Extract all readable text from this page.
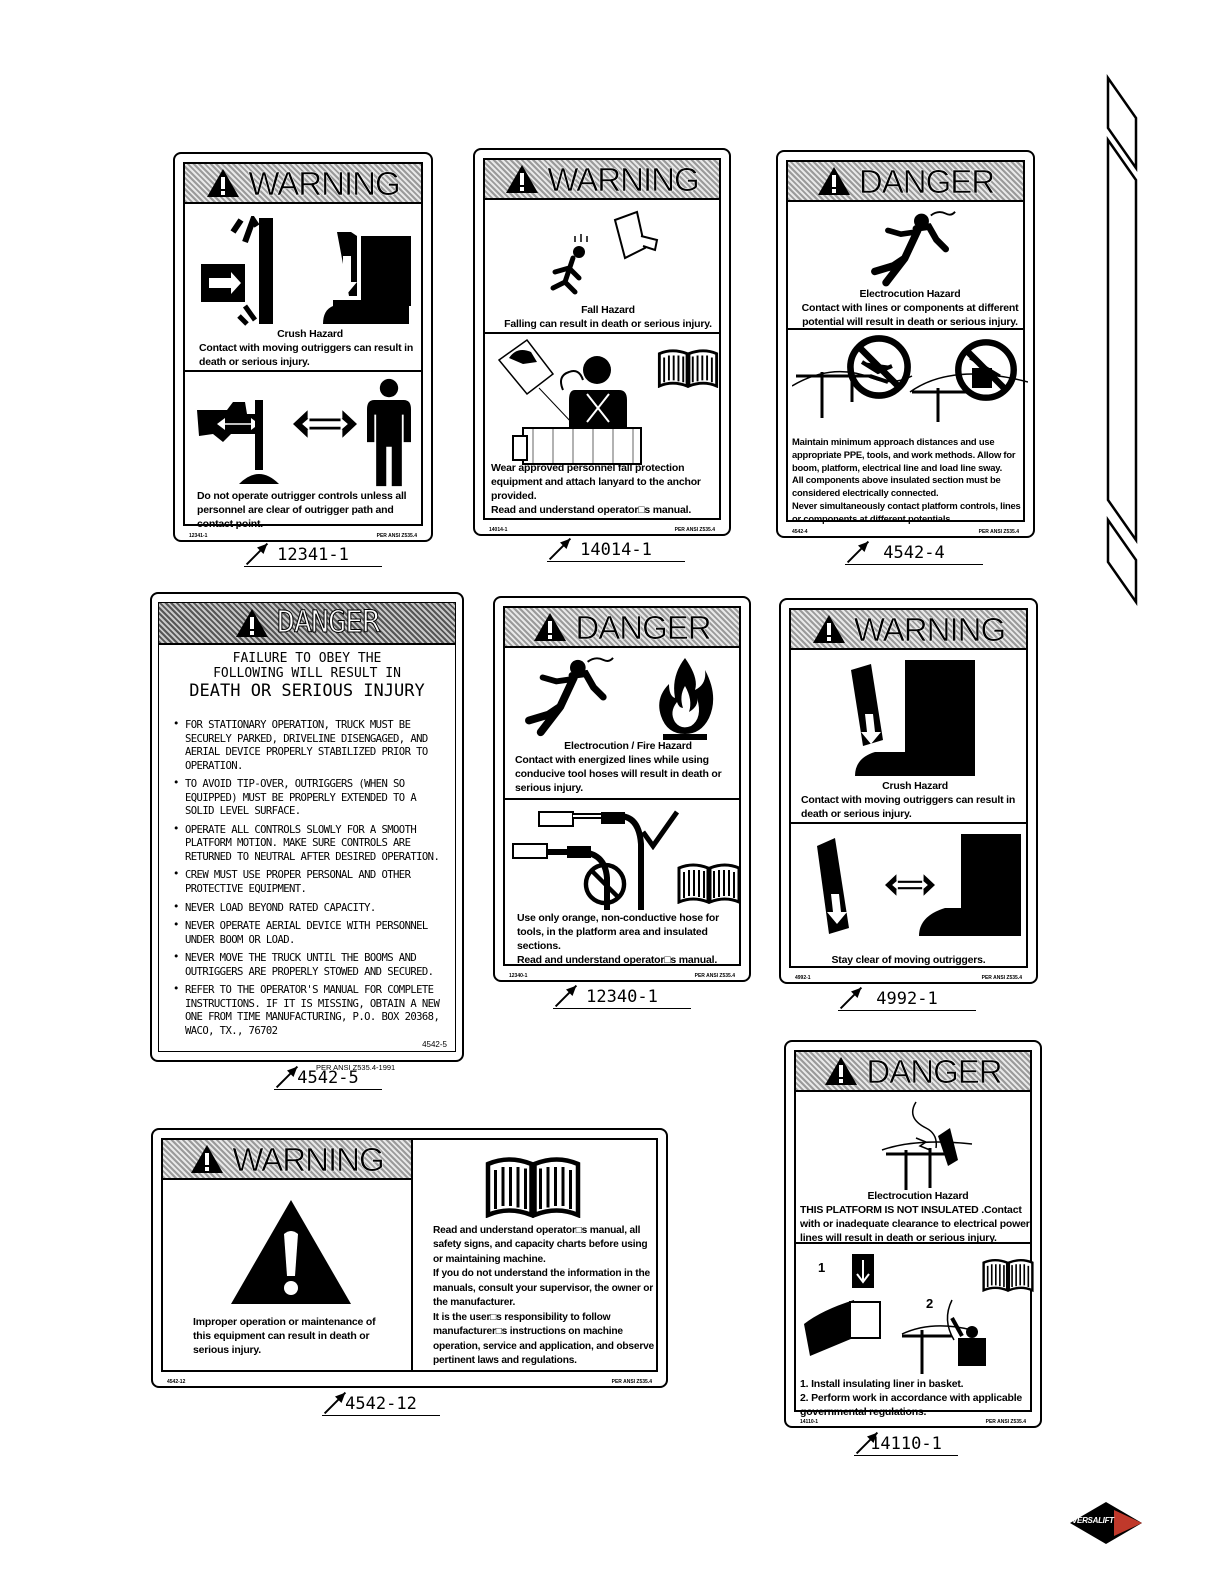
WARNING
Crush Hazard
Contact with moving outriggers can result in death or serious injury.
Do not operate outrigger controls unless all personnel are clear of outrigger path and contact point.
12341-1	PER ANSI Z535.4
12341-1
WARNING
Fall Hazard
Falling can result in death or serious injury.
Wear approved personnel fall protection equipment and attach lanyard to the anchor provided.
Read and understand operator□s manual.
14014-1	PER ANSI Z535.4
14014-1
DANGER
Electrocution Hazard
Contact with lines or components at different potential will result in death or serious injury.
Maintain minimum approach distances and use appropriate PPE, tools, and work methods. Allow for boom, platform, electrical line and load line sway.
All components above insulated section must be considered electrically connected.
Never simultaneously contact platform controls, lines or components at different potentials.
4542-4	PER ANSI Z535.4
4542-4
DANGER
FAILURE TO OBEY THE
FOLLOWING WILL RESULT IN
DEATH OR SERIOUS INJURY
• FOR STATIONARY OPERATION, TRUCK MUST BE SECURELY PARKED, DRIVELINE DISENGAGED, AND AERIAL DEVICE PROPERLY STABILIZED PRIOR TO OPERATION.
• TO AVOID TIP-OVER, OUTRIGGERS (WHEN SO EQUIPPED) MUST BE PROPERLY EXTENDED TO A SOLID LEVEL SURFACE.
• OPERATE ALL CONTROLS SLOWLY FOR A SMOOTH PLATFORM MOTION. MAKE SURE CONTROLS ARE RETURNED TO NEUTRAL AFTER DESIRED OPERATION.
• CREW MUST USE PROPER PERSONAL AND OTHER PROTECTIVE EQUIPMENT.
• NEVER LOAD BEYOND RATED CAPACITY.
• NEVER OPERATE AERIAL DEVICE WITH PERSONNEL UNDER BOOM OR LOAD.
• NEVER MOVE THE TRUCK UNTIL THE BOOMS AND OUTRIGGERS ARE PROPERLY STOWED AND SECURED.
• REFER TO THE OPERATOR'S MANUAL FOR COMPLETE INSTRUCTIONS. IF IT IS MISSING, OBTAIN A NEW ONE FROM TIME MANUFACTURING, P.O. BOX 20368, WACO, TX., 76702
4542-5
PER ANSI Z535.4-1991
4542-5
DANGER
Electrocution / Fire Hazard
Contact with energized lines while using conducive tool hoses will result in death or serious injury.
Use only orange, non-conductive hose for tools, in the platform area and insulated sections.
Read and understand operator□s manual.
12340-1	PER ANSI Z535.4
12340-1
WARNING
Crush Hazard
Contact with moving outriggers can result in death or serious injury.
Stay clear of moving outriggers.
4992-1	PER ANSI Z535.4
4992-1
WARNING
Improper operation or maintenance of this equipment can result in death or serious injury.
Read and understand operator□s manual, all safety signs, and capacity charts before using or maintaining machine.
If you do not understand the information in the manuals, consult your supervisor, the owner or the manufacturer.
It is the user□s responsibility to follow manufacturer□s instructions on machine operation, service and application, and observe pertinent laws and regulations.
4542-12	PER ANSI Z535.4
4542-12
DANGER
Electrocution Hazard
THIS PLATFORM IS NOT INSULATED .Contact with or inadequate clearance to electrical power lines will result in death or serious injury.
1
2
1. Install insulating liner in basket.
2. Perform work in accordance with applicable governmental regulations.
14110-1	PER ANSI Z535.4
14110-1
VERSALIFT
